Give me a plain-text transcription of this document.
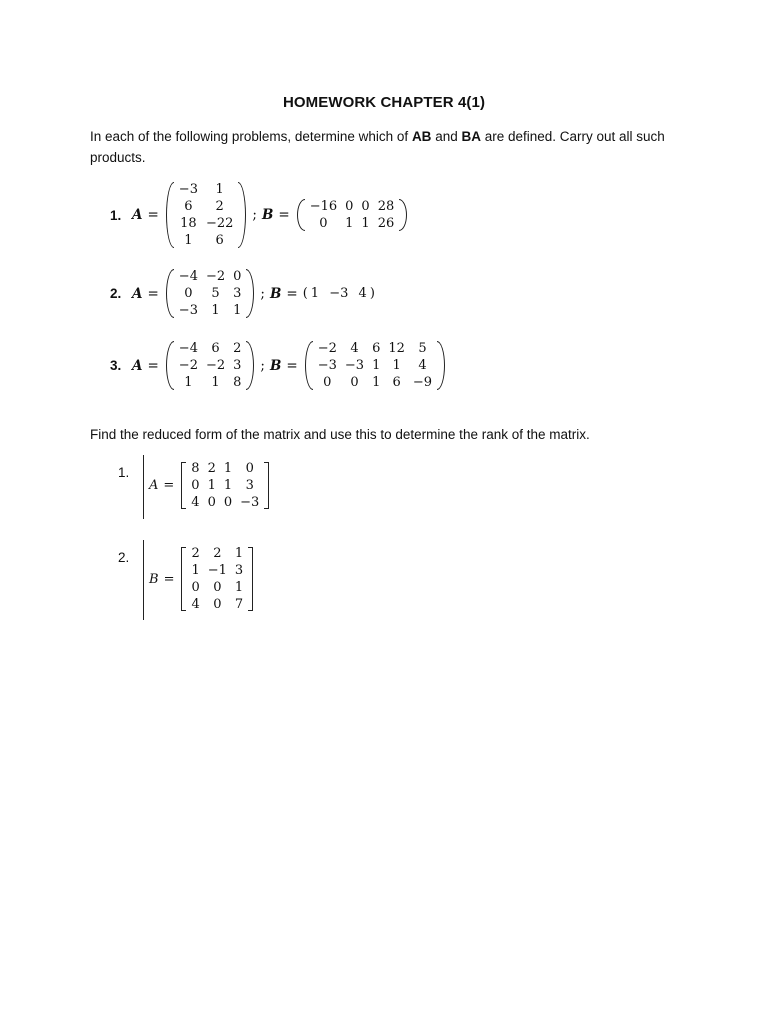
HOMEWORK CHAPTER 4(1)
In each of the following problems, determine which of AB and BA are defined. Carry out all such products.
1. A =
−3	1
6	2
18	−22
1	6
; B =
−16	0	0	28
0	1	1	26
2. A =
−4	−2	0
0	5	3
−3	1	1
; B = ( 1 −3 4 )
3. A =
−4	6	2
−2	−2	3
1	1	8
; B =
−2	4	6	12	5
−3	−3	1	1	4
0	0	1	6	−9
Find the reduced form of the matrix and use this to determine the rank of the matrix.
1.
A =
8	2	1	0
0	1	1	3
4	0	0	−3
2.
B =
2	2	1
1	−1	3
0	0	1
4	0	7
